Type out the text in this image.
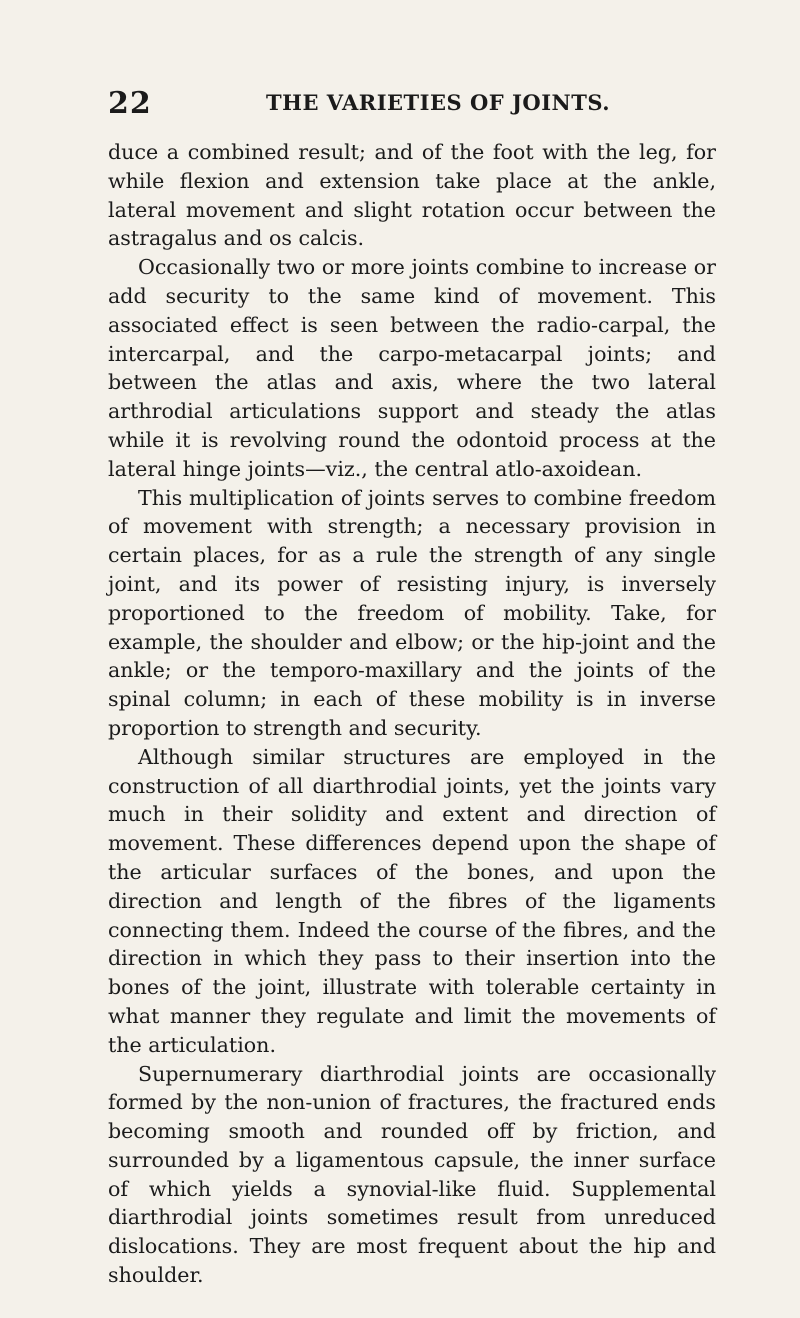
22	THE VARIETIES OF JOINTS.

duce a combined result; and of the foot with the leg, for while flexion and extension take place at the ankle, lateral movement and slight rotation occur between the astragalus and os calcis.

Occasionally two or more joints combine to increase or add security to the same kind of movement. This associated effect is seen between the radio-carpal, the intercarpal, and the carpo-metacarpal joints; and between the atlas and axis, where the two lateral arthrodial articulations support and steady the atlas while it is revolving round the odontoid process at the lateral hinge joints—viz., the central atlo-axoidean.

This multiplication of joints serves to combine freedom of movement with strength; a necessary provision in certain places, for as a rule the strength of any single joint, and its power of resisting injury, is inversely proportioned to the freedom of mobility. Take, for example, the shoulder and elbow; or the hip-joint and the ankle; or the temporo-maxillary and the joints of the spinal column; in each of these mobility is in inverse proportion to strength and security.

Although similar structures are employed in the construction of all diarthrodial joints, yet the joints vary much in their solidity and extent and direction of movement. These differences depend upon the shape of the articular surfaces of the bones, and upon the direction and length of the fibres of the ligaments connecting them. Indeed the course of the fibres, and the direction in which they pass to their insertion into the bones of the joint, illustrate with tolerable certainty in what manner they regulate and limit the movements of the articulation.

Supernumerary diarthrodial joints are occasionally formed by the non-union of fractures, the fractured ends becoming smooth and rounded off by friction, and surrounded by a ligamentous capsule, the inner surface of which yields a synovial-like fluid. Supplemental diarthrodial joints sometimes result from unreduced dislocations. They are most frequent about the hip and shoulder.
